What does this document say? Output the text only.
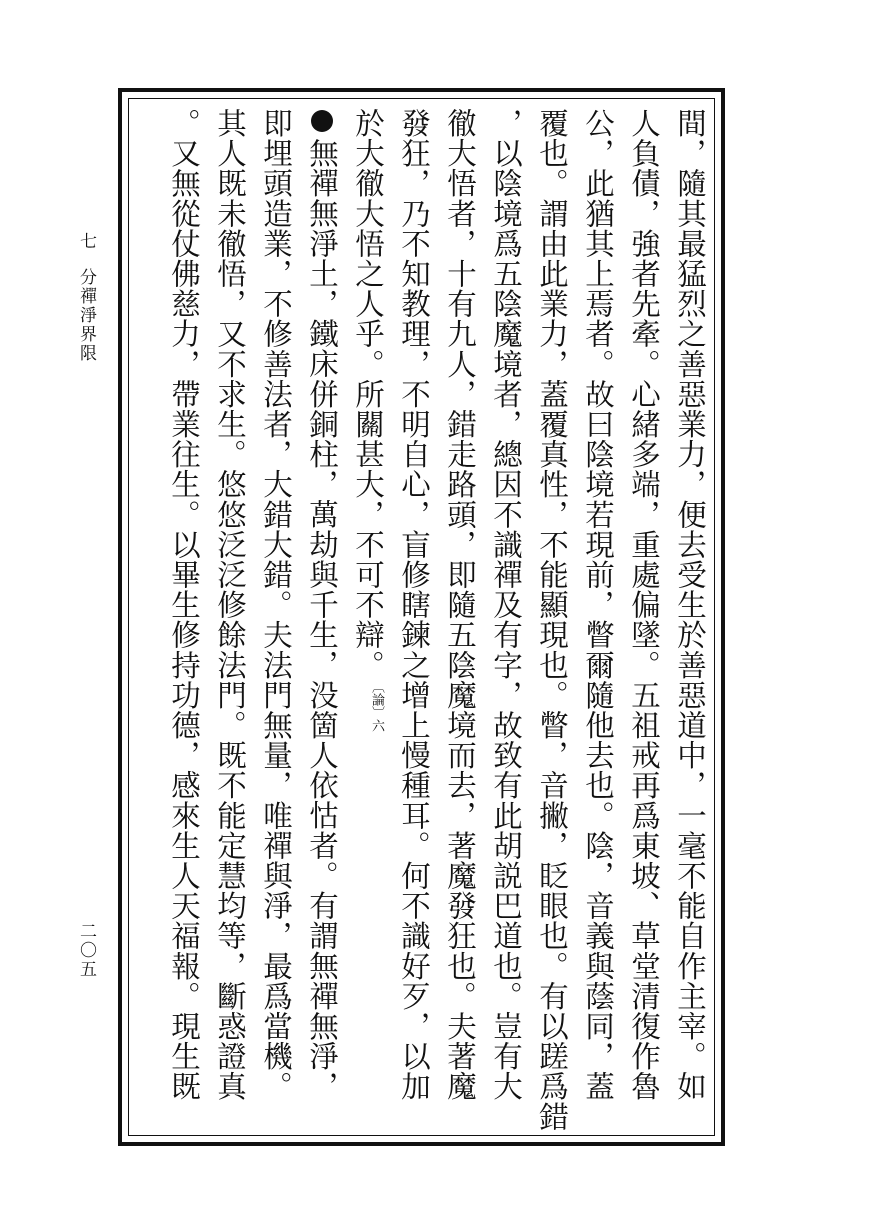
七
分禪淨界限
二〇五	間，隨其最猛烈之善惡業力，便去受生於善惡道中，一毫不能自作主宰。如
人負債，強者先牽。心緒多端，重處偏墜。五祖戒再爲東坡、草堂清復作魯
公，此猶其上焉者。故曰陰境若現前，瞥爾隨他去也。陰，音義與蔭同，蓋
覆也。謂由此業力，蓋覆真性，不能顯現也。瞥，音撇，眨眼也。有以蹉爲錯
，以陰境爲五陰魔境者，總因不識禪及有字，故致有此胡説巴道也。豈有大
徹大悟者，十有九人，錯走路頭，即隨五陰魔境而去，著魔發狂也。夫著魔
發狂，乃不知教理，不明自心，盲修瞎鍊之增上慢種耳。何不識好歹，以加
於大徹大悟之人乎。所關甚大，不可不辯。〔論〕六
無禪無淨土，鐵床併銅柱，萬劫與千生，没箇人依怙者。有謂無禪無淨，
即埋頭造業，不修善法者，大錯大錯。夫法門無量，唯禪與淨，最爲當機。
其人既未徹悟，又不求生。悠悠泛泛修餘法門。既不能定慧均等，斷惑證真
。又無從仗佛慈力，帶業往生。以畢生修持功德，感來生人天福報。現生既
